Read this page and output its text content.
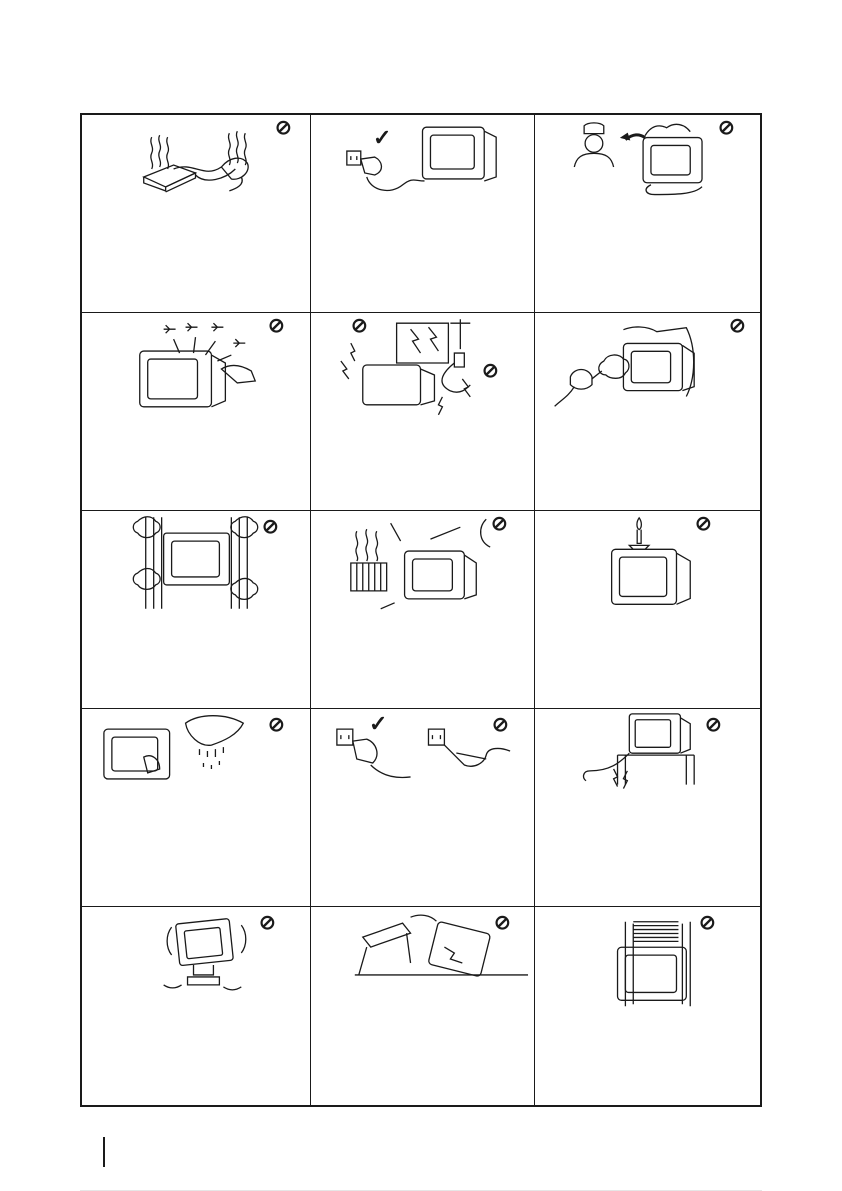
⊘	✓	⊘
⊘	⊘
⊘
⊘
⊘	⊘	⊘
⊘	✓	⊘	⊘
⊘	⊘	⊘
